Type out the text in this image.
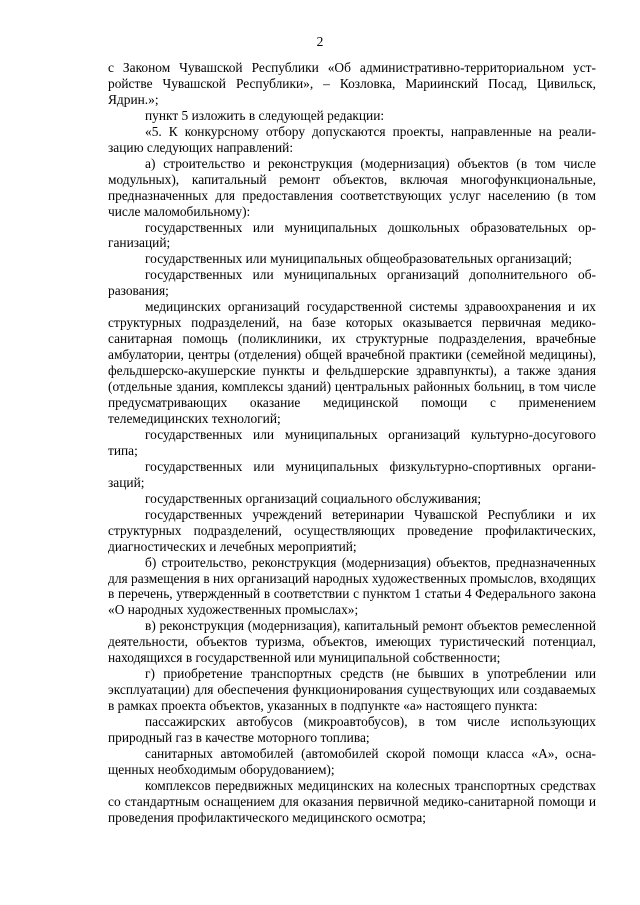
2

с Законом Чувашской Республики «Об административно-территориальном устройстве Чувашской Республики», – Козловка, Мариинский Посад, Цивильск, Ядрин.»;

пункт 5 изложить в следующей редакции:

«5. К конкурсному отбору допускаются проекты, направленные на реализацию следующих направлений:

а) строительство и реконструкция (модернизация) объектов (в том числе модульных), капитальный ремонт объектов, включая многофункциональные, предназначенных для предоставления соответствующих услуг населению (в том числе маломобильному):

государственных или муниципальных дошкольных образовательных организаций;

государственных или муниципальных общеобразовательных организаций;

государственных или муниципальных организаций дополнительного образования;

медицинских организаций государственной системы здравоохранения и их структурных подразделений, на базе которых оказывается первичная медико-санитарная помощь (поликлиники, их структурные подразделения, врачебные амбулатории, центры (отделения) общей врачебной практики (семейной медицины), фельдшерско-акушерские пункты и фельдшерские здравпункты), а также здания (отдельные здания, комплексы зданий) центральных районных больниц, в том числе предусматривающих оказание медицинской помощи с применением телемедицинских технологий;

государственных или муниципальных организаций культурно-досугового типа;

государственных или муниципальных физкультурно-спортивных организаций;

государственных организаций социального обслуживания;

государственных учреждений ветеринарии Чувашской Республики и их структурных подразделений, осуществляющих проведение профилактических, диагностических и лечебных мероприятий;

б) строительство, реконструкция (модернизация) объектов, предназначенных для размещения в них организаций народных художественных промыслов, входящих в перечень, утвержденный в соответствии с пунктом 1 статьи 4 Федерального закона «О народных художественных промыслах»;

в) реконструкция (модернизация), капитальный ремонт объектов ремесленной деятельности, объектов туризма, объектов, имеющих туристический потенциал, находящихся в государственной или муниципальной собственности;

г) приобретение транспортных средств (не бывших в употреблении или эксплуатации) для обеспечения функционирования существующих или создаваемых в рамках проекта объектов, указанных в подпункте «а» настоящего пункта:

пассажирских автобусов (микроавтобусов), в том числе использующих природный газ в качестве моторного топлива;

санитарных автомобилей (автомобилей скорой помощи класса «А», оснащенных необходимым оборудованием);

комплексов передвижных медицинских на колесных транспортных средствах со стандартным оснащением для оказания первичной медико-санитарной помощи и проведения профилактического медицинского осмотра;
